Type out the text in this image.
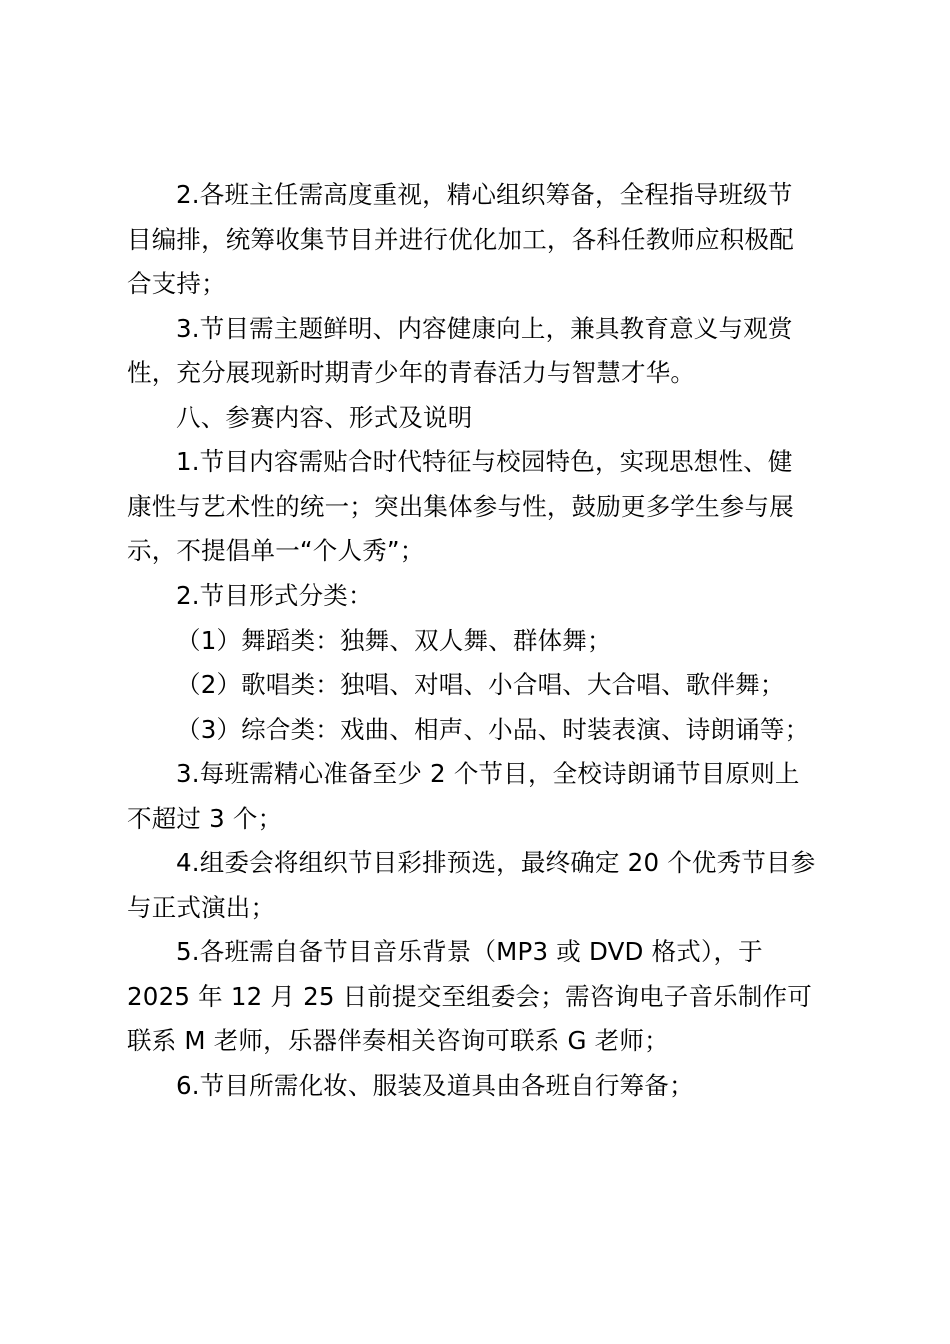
2.各班主任需高度重视，精心组织筹备，全程指导班级节
目编排，统筹收集节目并进行优化加工，各科任教师应积极配
合支持；
3.节目需主题鲜明、内容健康向上，兼具教育意义与观赏
性，充分展现新时期青少年的青春活力与智慧才华。
八、参赛内容、形式及说明
1.节目内容需贴合时代特征与校园特色，实现思想性、健
康性与艺术性的统一；突出集体参与性，鼓励更多学生参与展
示，不提倡单一“个人秀”；
2.节目形式分类：
（1）舞蹈类：独舞、双人舞、群体舞；
（2）歌唱类：独唱、对唱、小合唱、大合唱、歌伴舞；
（3）综合类：戏曲、相声、小品、时装表演、诗朗诵等；
3.每班需精心准备至少 2 个节目，全校诗朗诵节目原则上
不超过 3 个；
4.组委会将组织节目彩排预选，最终确定 20 个优秀节目参
与正式演出；
5.各班需自备节目音乐背景（MP3 或 DVD 格式），于
2025 年 12 月 25 日前提交至组委会；需咨询电子音乐制作可
联系 M 老师，乐器伴奏相关咨询可联系 G 老师；
6.节目所需化妆、服装及道具由各班自行筹备；
